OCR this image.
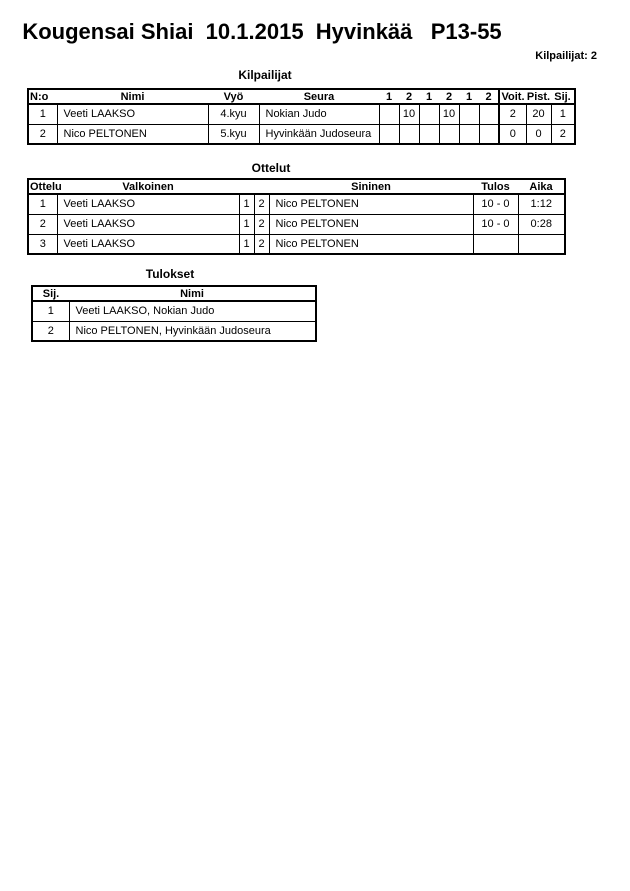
Kougensai Shiai  10.1.2015  Hyvinkää   P13-55
Kilpailijat: 2
Kilpailijat
N:o	Nimi	Vyö	Seura	1	2	1	2	1	2	Voit.	Pist.	Sij.
1	Veeti LAAKSO	4.kyu	Nokian Judo		10		10			2	20	1
2	Nico PELTONEN	5.kyu	Hyvinkään Judoseura							0	0	2
Ottelut
Ottelu	Valkoinen			Sininen	Tulos	Aika
1	Veeti LAAKSO	1	2	Nico PELTONEN	10 - 0	1:12
2	Veeti LAAKSO	1	2	Nico PELTONEN	10 - 0	0:28
3	Veeti LAAKSO	1	2	Nico PELTONEN		
Tulokset
Sij.	Nimi
1	Veeti LAAKSO, Nokian Judo
2	Nico PELTONEN, Hyvinkään Judoseura
